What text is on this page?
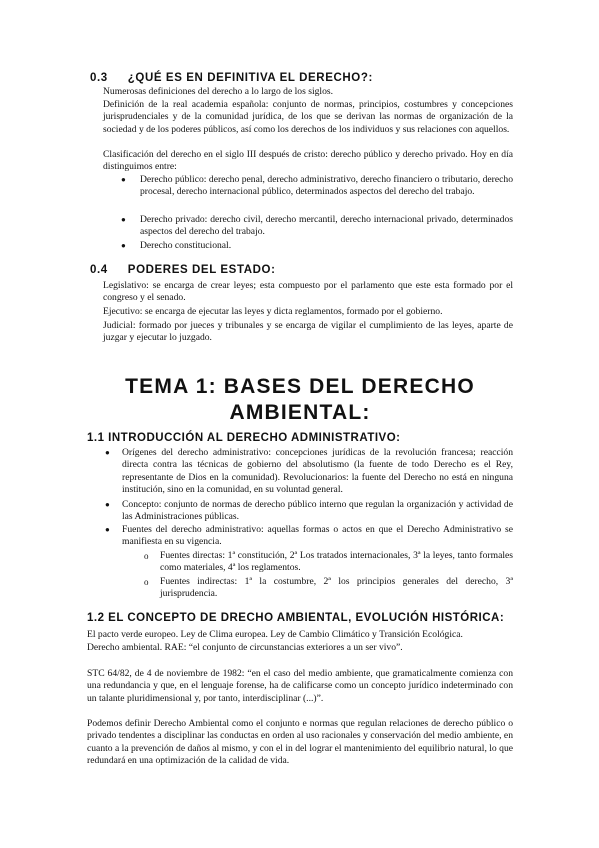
0.3 ¿QUÉ ES EN DEFINITIVA EL DERECHO?:
Numerosas definiciones del derecho a lo largo de los siglos.
Definición de la real academia española: conjunto de normas, principios, costumbres y concepciones jurisprudenciales y de la comunidad jurídica, de los que se derivan las normas de organización de la sociedad y de los poderes públicos, así como los derechos de los individuos y sus relaciones con aquellos.
Clasificación del derecho en el siglo III después de cristo: derecho público y derecho privado. Hoy en día distinguimos entre:
● Derecho público: derecho penal, derecho administrativo, derecho financiero o tributario, derecho procesal, derecho internacional público, determinados aspectos del derecho del trabajo.
● Derecho privado: derecho civil, derecho mercantil, derecho internacional privado, determinados aspectos del derecho del trabajo.
● Derecho constitucional.
0.4 PODERES DEL ESTADO:
Legislativo: se encarga de crear leyes; esta compuesto por el parlamento que este esta formado por el congreso y el senado.
Ejecutivo: se encarga de ejecutar las leyes y dicta reglamentos, formado por el gobierno.
Judicial: formado por jueces y tribunales y se encarga de vigilar el cumplimiento de las leyes, aparte de juzgar y ejecutar lo juzgado.
TEMA 1: BASES DEL DERECHO
AMBIENTAL:
1.1 INTRODUCCIÓN AL DERECHO ADMINISTRATIVO:
● Orígenes del derecho administrativo: concepciones jurídicas de la revolución francesa; reacción directa contra las técnicas de gobierno del absolutismo (la fuente de todo Derecho es el Rey, representante de Dios en la comunidad). Revolucionarios: la fuente del Derecho no está en ninguna institución, sino en la comunidad, en su voluntad general.
● Concepto: conjunto de normas de derecho público interno que regulan la organización y actividad de las Administraciones públicas.
● Fuentes del derecho administrativo: aquellas formas o actos en que el Derecho Administrativo se manifiesta en su vigencia.
o Fuentes directas: 1ª constitución, 2ª Los tratados internacionales, 3ª la leyes, tanto formales como materiales, 4ª los reglamentos.
o Fuentes indirectas: 1ª la costumbre, 2ª los principios generales del derecho, 3ª jurisprudencia.
1.2 EL CONCEPTO DE DRECHO AMBIENTAL, EVOLUCIÓN HISTÓRICA:
El pacto verde europeo. Ley de Clima europea. Ley de Cambio Climático y Transición Ecológica.
Derecho ambiental. RAE: “el conjunto de circunstancias exteriores a un ser vivo”.
STC 64/82, de 4 de noviembre de 1982: “en el caso del medio ambiente, que gramaticalmente comienza con una redundancia y que, en el lenguaje forense, ha de calificarse como un concepto jurídico indeterminado con un talante pluridimensional y, por tanto, interdisciplinar (...)”.
Podemos definir Derecho Ambiental como el conjunto e normas que regulan relaciones de derecho público o privado tendentes a disciplinar las conductas en orden al uso racionales y conservación del medio ambiente, en cuanto a la prevención de daños al mismo, y con el in del lograr el mantenimiento del equilibrio natural, lo que redundará en una optimización de la calidad de vida.
